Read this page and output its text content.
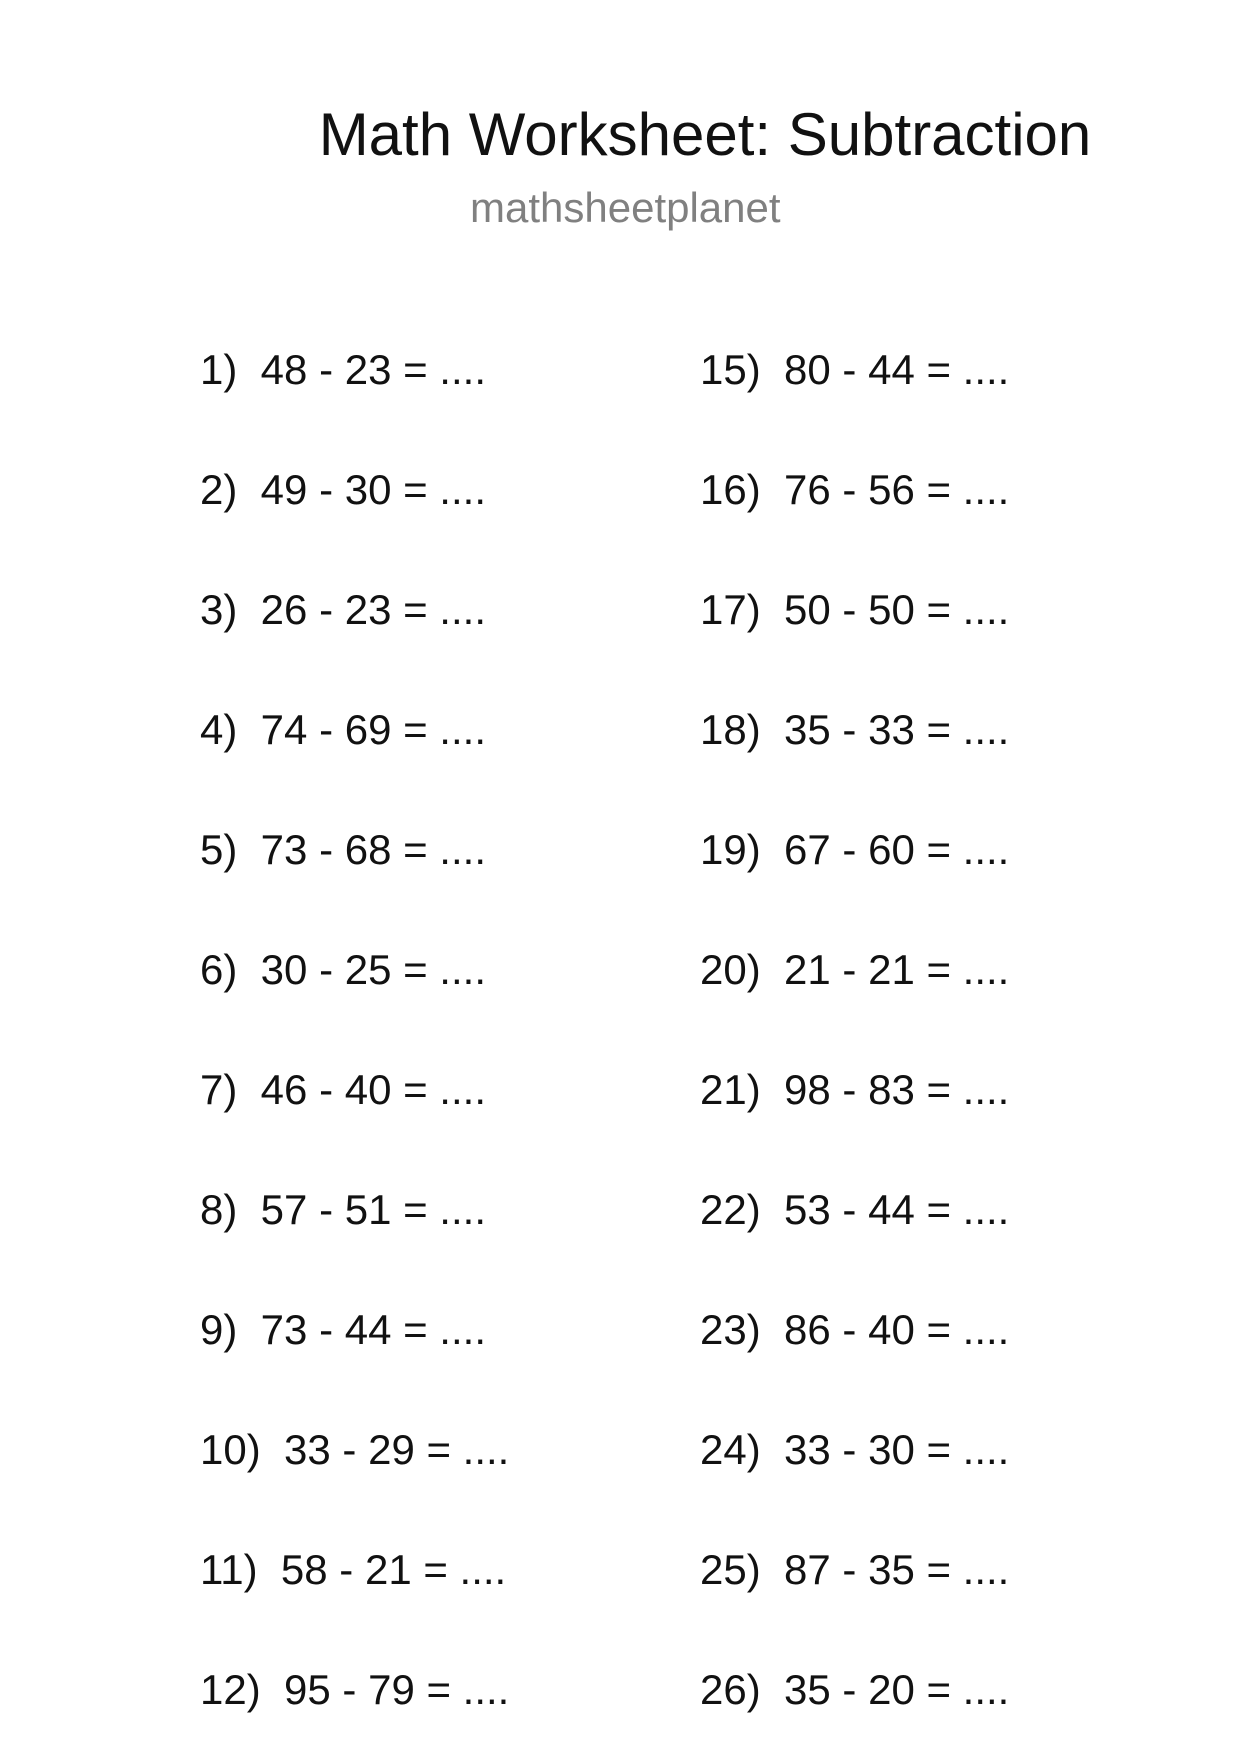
Math Worksheet: Subtraction
mathsheetplanet
1)  48 - 23 = ....
2)  49 - 30 = ....
3)  26 - 23 = ....
4)  74 - 69 = ....
5)  73 - 68 = ....
6)  30 - 25 = ....
7)  46 - 40 = ....
8)  57 - 51 = ....
9)  73 - 44 = ....
10)  33 - 29 = ....
11)  58 - 21 = ....
12)  95 - 79 = ....
15)  80 - 44 = ....
16)  76 - 56 = ....
17)  50 - 50 = ....
18)  35 - 33 = ....
19)  67 - 60 = ....
20)  21 - 21 = ....
21)  98 - 83 = ....
22)  53 - 44 = ....
23)  86 - 40 = ....
24)  33 - 30 = ....
25)  87 - 35 = ....
26)  35 - 20 = ....
